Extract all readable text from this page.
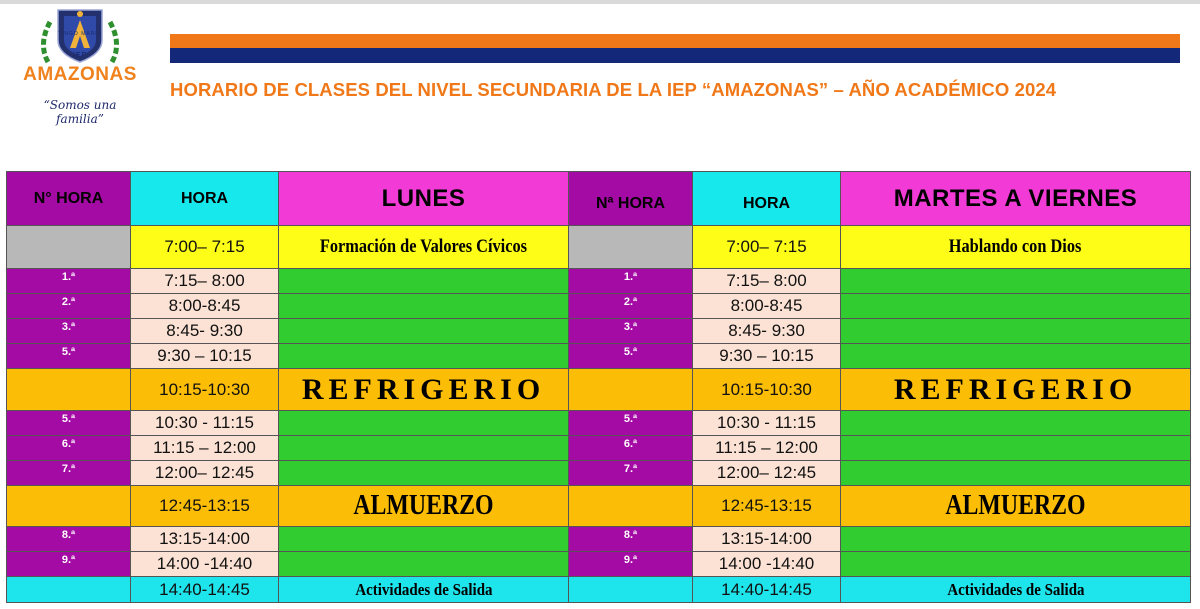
TINGO MARÍA
IEP
AMAZONAS
“Somos una familia”
HORARIO DE CLASES DEL NIVEL SECUNDARIA DE LA IEP “AMAZONAS” – AÑO ACADÉMICO 2024
N° HORA	HORA	LUNES	Nª HORA	HORA	MARTES A VIERNES
	7:00– 7:15	Formación de Valores Cívicos		7:00– 7:15	Hablando con Dios
1.ª	7:15– 8:00		1.ª	7:15– 8:00	
2.ª	8:00-8:45		2.ª	8:00-8:45	
3.ª	8:45- 9:30		3.ª	8:45- 9:30	
5.ª	9:30 – 10:15		5.ª	9:30 – 10:15	
	10:15-10:30	REFRIGERIO		10:15-10:30	REFRIGERIO
5.ª	10:30 - 11:15		5.ª	10:30 - 11:15	
6.ª	11:15 – 12:00		6.ª	11:15 – 12:00	
7.ª	12:00– 12:45		7.ª	12:00– 12:45	
	12:45-13:15	ALMUERZO		12:45-13:15	ALMUERZO
8.ª	13:15-14:00		8.ª	13:15-14:00	
9.ª	14:00 -14:40		9.ª	14:00 -14:40	
	14:40-14:45	Actividades de Salida		14:40-14:45	Actividades de Salida
